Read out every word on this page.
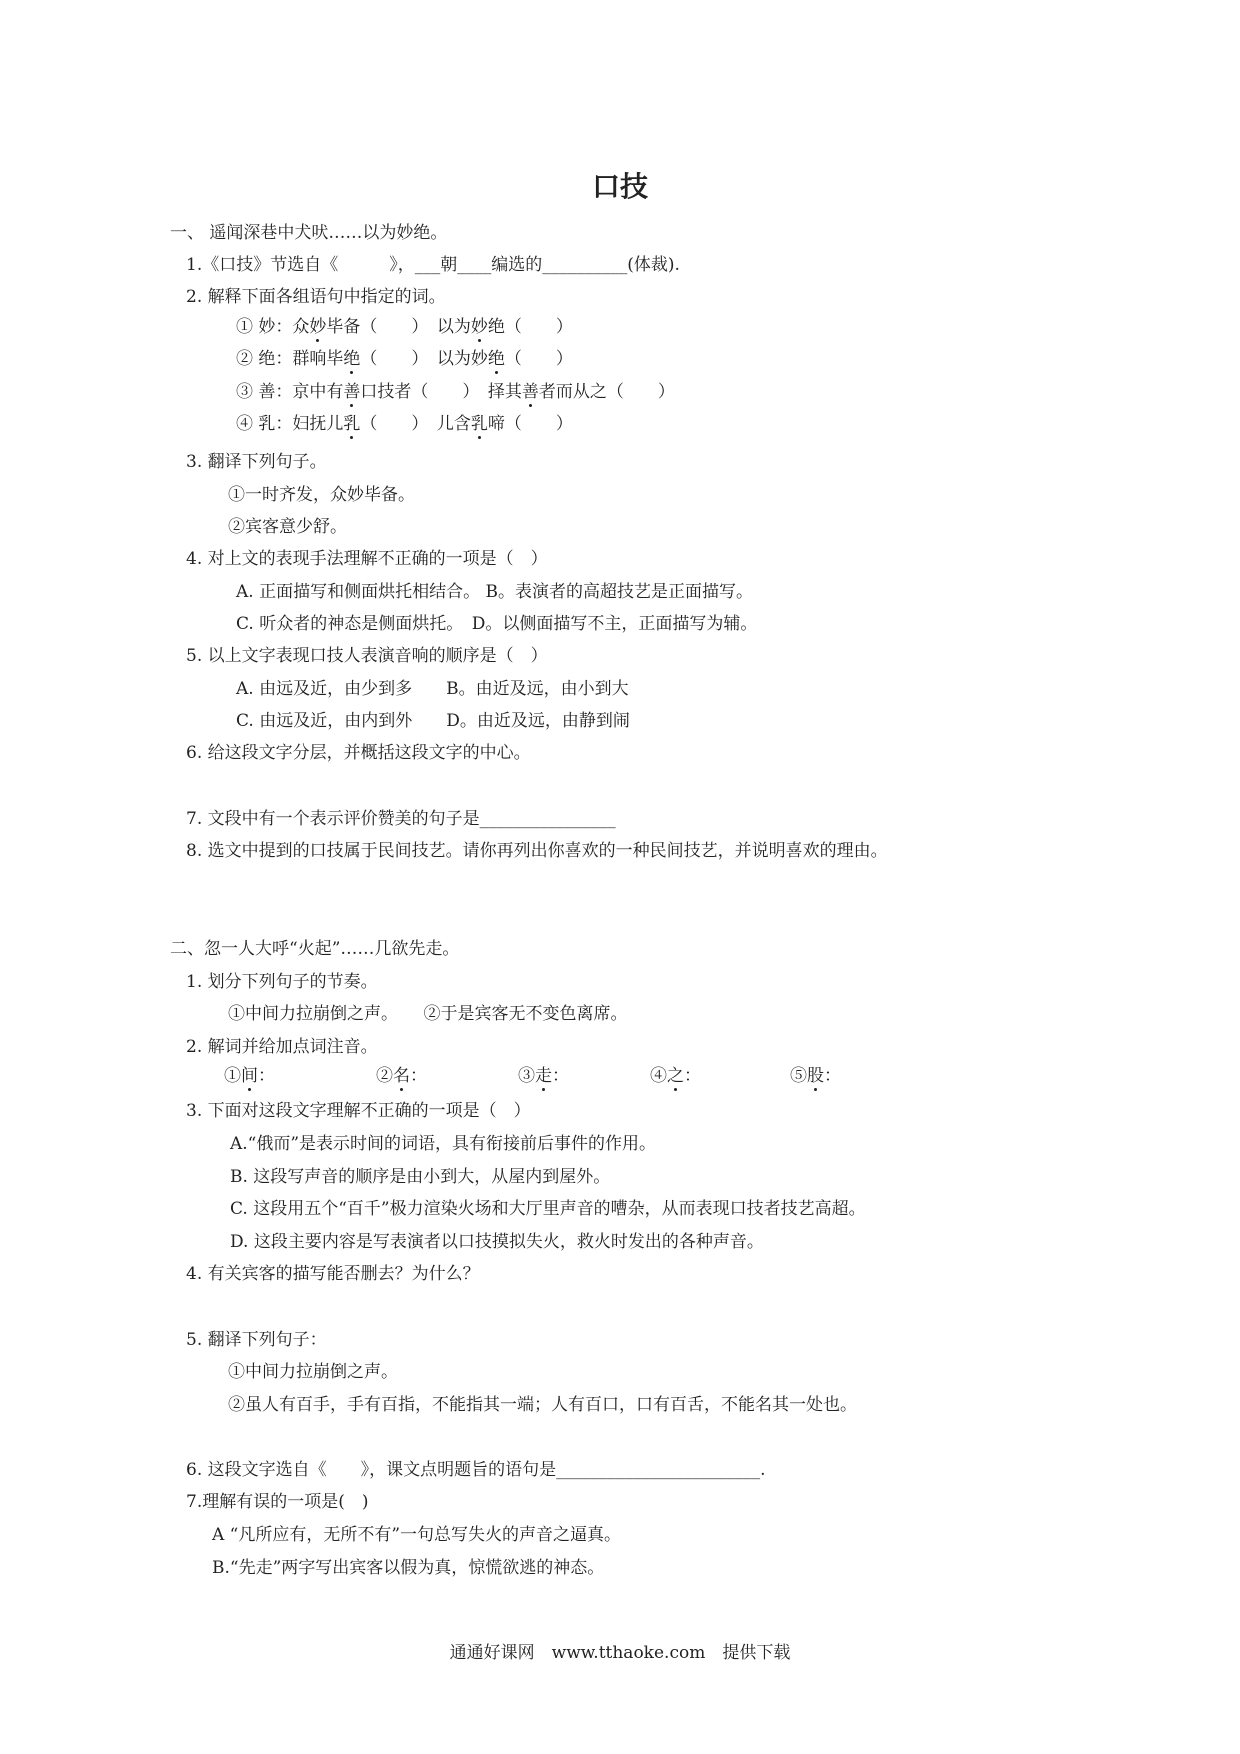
口技
一、 遥闻深巷中犬吠……以为妙绝。
1.《口技》节选自《　　　》，___朝____编选的__________(体裁).
2. 解释下面各组语句中指定的词。
① 妙：众妙毕备（　　）　以为妙绝（　　）
② 绝：群响毕绝（　　）　以为妙绝（　　）
③ 善：京中有善口技者（　　）　择其善者而从之（　　）
④ 乳：妇抚儿乳（　　）　儿含乳啼（　　）
3. 翻译下列句子。
①一时齐发，众妙毕备。
②宾客意少舒。
4. 对上文的表现手法理解不正确的一项是（　）
A. 正面描写和侧面烘托相结合。 B。表演者的高超技艺是正面描写。
C. 听众者的神态是侧面烘托。　D。以侧面描写不主，正面描写为辅。
5. 以上文字表现口技人表演音响的顺序是（　）
A. 由远及近，由少到多　　B。由近及远，由小到大
C. 由远及近，由内到外　　D。由近及远，由静到闹
6. 给这段文字分层，并概括这段文字的中心。
7. 文段中有一个表示评价赞美的句子是________________
8. 选文中提到的口技属于民间技艺。请你再列出你喜欢的一种民间技艺，并说明喜欢的理由。
二、忽一人大呼“火起”……几欲先走。
1. 划分下列句子的节奏。
①中间力拉崩倒之声。　　②于是宾客无不变色离席。
2. 解词并给加点词注音。
①间：	②名：	③走：	④之：	⑤股：
3. 下面对这段文字理解不正确的一项是（　）
A.“俄而”是表示时间的词语，具有衔接前后事件的作用。
B. 这段写声音的顺序是由小到大，从屋内到屋外。
C. 这段用五个“百千”极力渲染火场和大厅里声音的嘈杂，从而表现口技者技艺高超。
D. 这段主要内容是写表演者以口技摸拟失火，救火时发出的各种声音。
4. 有关宾客的描写能否删去？为什么？
5. 翻译下列句子：
①中间力拉崩倒之声。
②虽人有百手，手有百指，不能指其一端；人有百口，口有百舌，不能名其一处也。
6. 这段文字选自《　　》，课文点明题旨的语句是________________________.
7.理解有误的一项是(　)
A “凡所应有，无所不有”一句总写失火的声音之逼真。
B.“先走”两字写出宾客以假为真，惊慌欲逃的神态。
通通好课网　www.tthaoke.com　提供下载
